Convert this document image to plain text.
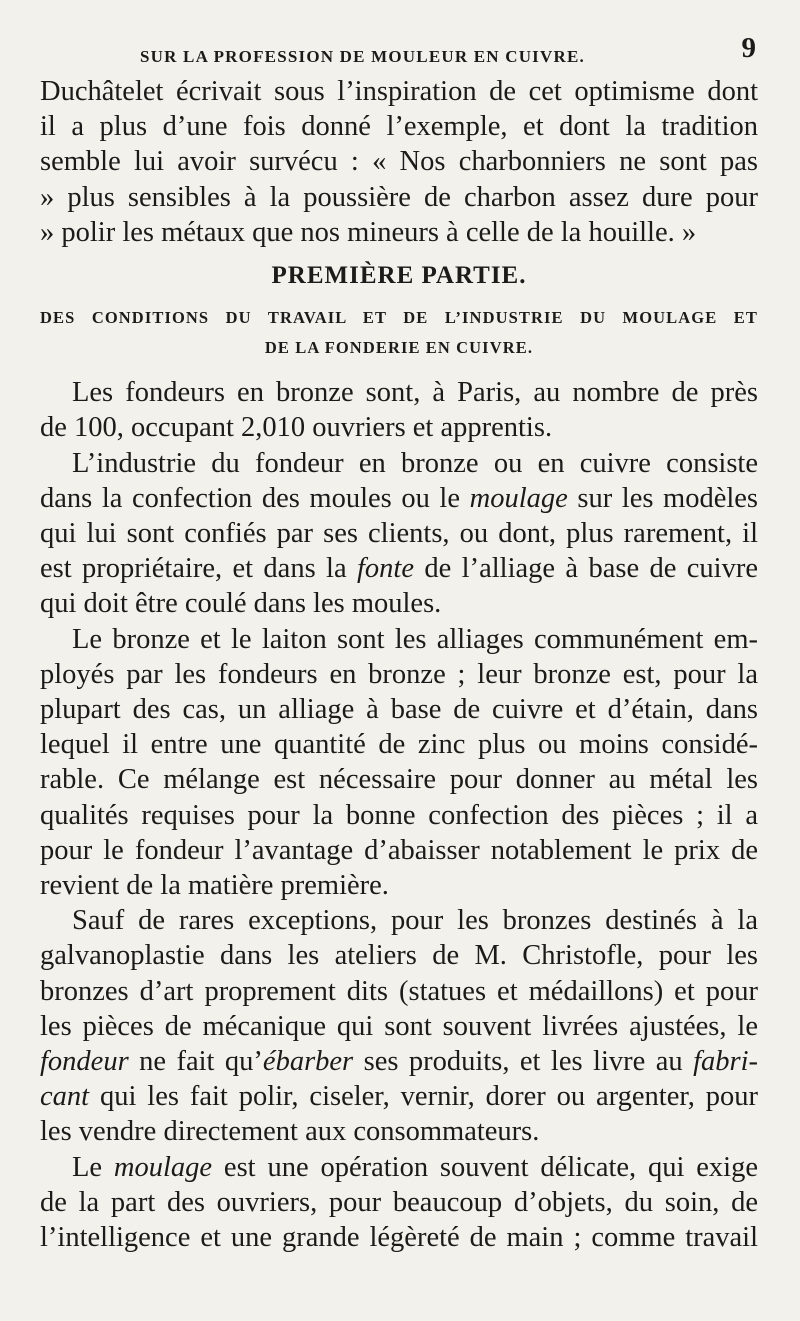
SUR LA PROFESSION DE MOULEUR EN CUIVRE.	9
Duchâtelet écrivait sous l’inspiration de cet optimisme dont
il a plus d’une fois donné l’exemple, et dont la tradition
semble lui avoir survécu : « Nos charbonniers ne sont pas
» plus sensibles à la poussière de charbon assez dure pour
» polir les métaux que nos mineurs à celle de la houille. »
PREMIÈRE PARTIE.
DES CONDITIONS DU TRAVAIL ET DE L’INDUSTRIE DU MOULAGE ET
DE LA FONDERIE EN CUIVRE.
Les fondeurs en bronze sont, à Paris, au nombre de près
de 100, occupant 2,010 ouvriers et apprentis.
L’industrie du fondeur en bronze ou en cuivre consiste
dans la confection des moules ou le moulage sur les modèles
qui lui sont confiés par ses clients, ou dont, plus rarement, il
est propriétaire, et dans la fonte de l’alliage à base de cuivre
qui doit être coulé dans les moules.
Le bronze et le laiton sont les alliages communément em-
ployés par les fondeurs en bronze ; leur bronze est, pour la
plupart des cas, un alliage à base de cuivre et d’étain, dans
lequel il entre une quantité de zinc plus ou moins considé-
rable. Ce mélange est nécessaire pour donner au métal les
qualités requises pour la bonne confection des pièces ; il a
pour le fondeur l’avantage d’abaisser notablement le prix de
revient de la matière première.
Sauf de rares exceptions, pour les bronzes destinés à la
galvanoplastie dans les ateliers de M. Christofle, pour les
bronzes d’art proprement dits (statues et médaillons) et pour
les pièces de mécanique qui sont souvent livrées ajustées, le
fondeur ne fait qu’ébarber ses produits, et les livre au fabri-
cant qui les fait polir, ciseler, vernir, dorer ou argenter, pour
les vendre directement aux consommateurs.
Le moulage est une opération souvent délicate, qui exige
de la part des ouvriers, pour beaucoup d’objets, du soin, de
l’intelligence et une grande légèreté de main ; comme travail
